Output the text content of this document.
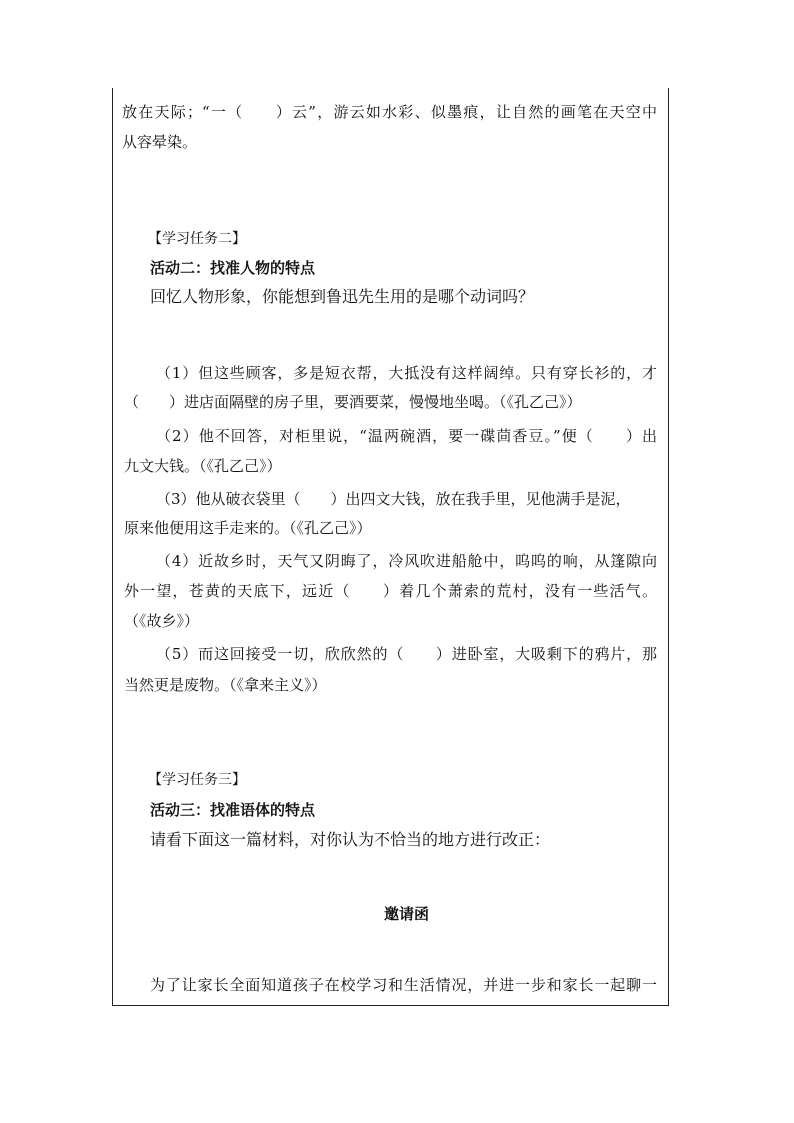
放在天际；“一（　　）云”，游云如水彩、似墨痕，让自然的画笔在天空中
从容晕染。
【学习任务二】
活动二：找准人物的特点
回忆人物形象，你能想到鲁迅先生用的是哪个动词吗？
（1）但这些顾客，多是短衣帮，大抵没有这样阔绰。只有穿长衫的，才
（　　）进店面隔壁的房子里，要酒要菜，慢慢地坐喝。（《孔乙己》）
（2）他不回答，对柜里说，“温两碗酒，要一碟茴香豆。”便（　　）出
九文大钱。（《孔乙己》）
（3）他从破衣袋里（　　）出四文大钱，放在我手里，见他满手是泥，
原来他便用这手走来的。（《孔乙己》）
（4）近故乡时，天气又阴晦了，冷风吹进船舱中，呜呜的响，从篷隙向
外一望，苍黄的天底下，远近（　　）着几个萧索的荒村，没有一些活气。
（《故乡》）
（5）而这回接受一切，欣欣然的（　　）进卧室，大吸剩下的鸦片，那
当然更是废物。（《拿来主义》）
【学习任务三】
活动三：找准语体的特点
请看下面这一篇材料，对你认为不恰当的地方进行改正：
邀请函
为了让家长全面知道孩子在校学习和生活情况，并进一步和家长一起聊一
